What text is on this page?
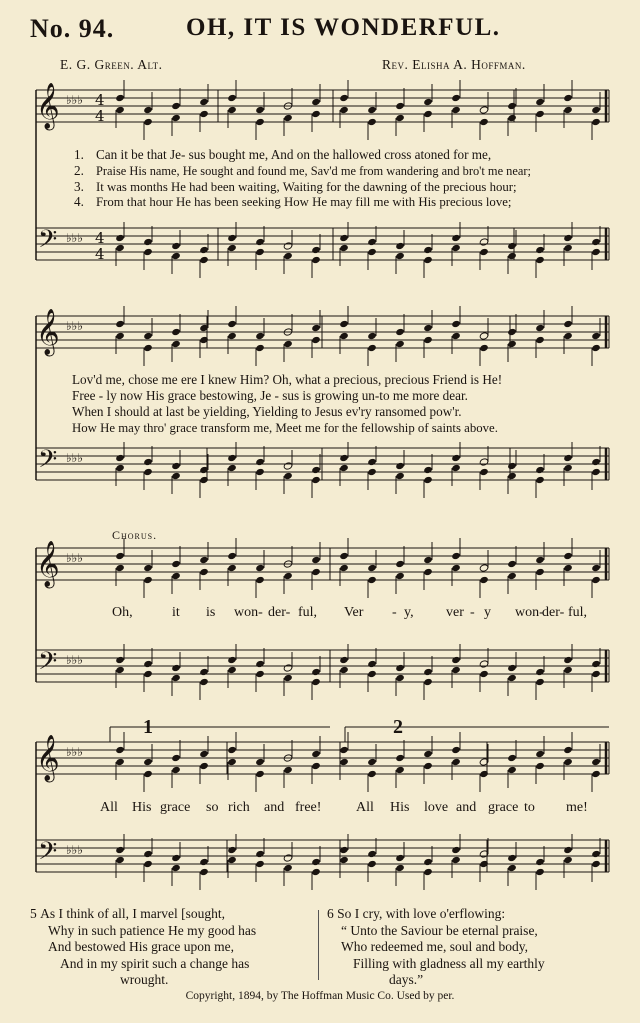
No. 94.	OH, IT IS WONDERFUL.
E. G. Green. Alt.	Rev. Elisha A. Hoffman.
𝄞
𝄢
♭♭♭
♭♭♭
4
4
4
4
𝄞
𝄢
♭♭♭
♭♭♭
𝄞
𝄢
♭♭♭
♭♭♭
𝄞
𝄢
♭♭♭
♭♭♭
1. Can it be that Je- sus bought me, And on the hallowed cross atoned for me,
2. Praise His name, He sought and found me, Sav'd me from wandering and bro't me near;
3. It was months He had been waiting, Waiting for the dawning of the precious hour;
4. From that hour He has been seeking How He may fill me with His precious love;
Lov'd me, chose me ere I knew Him? Oh, what a precious, precious Friend is He!
Free - ly now His grace bestowing, Je - sus is growing un-to me more dear.
When I should at last be yielding, Yielding to Jesus ev'ry ransomed pow'r.
How He may thro' grace transform me, Meet me for the fellowship of saints above.
Chorus.
Oh,	it is won- der- ful, Ver - y, ver - y won-
der- ful,
All His grace so rich and free! All His love and grace to me!
1	2
5 As I think of all, I marvel [sought,
Why in such patience He my good has
And bestowed His grace upon me,
And in my spirit such a change has
wrought.
6 So I cry, with love o'erflowing:
“ Unto the Saviour be eternal praise,
Who redeemed me, soul and body,
Filling with gladness all my earthly
days.”
Copyright, 1894, by The Hoffman Music Co. Used by per.
